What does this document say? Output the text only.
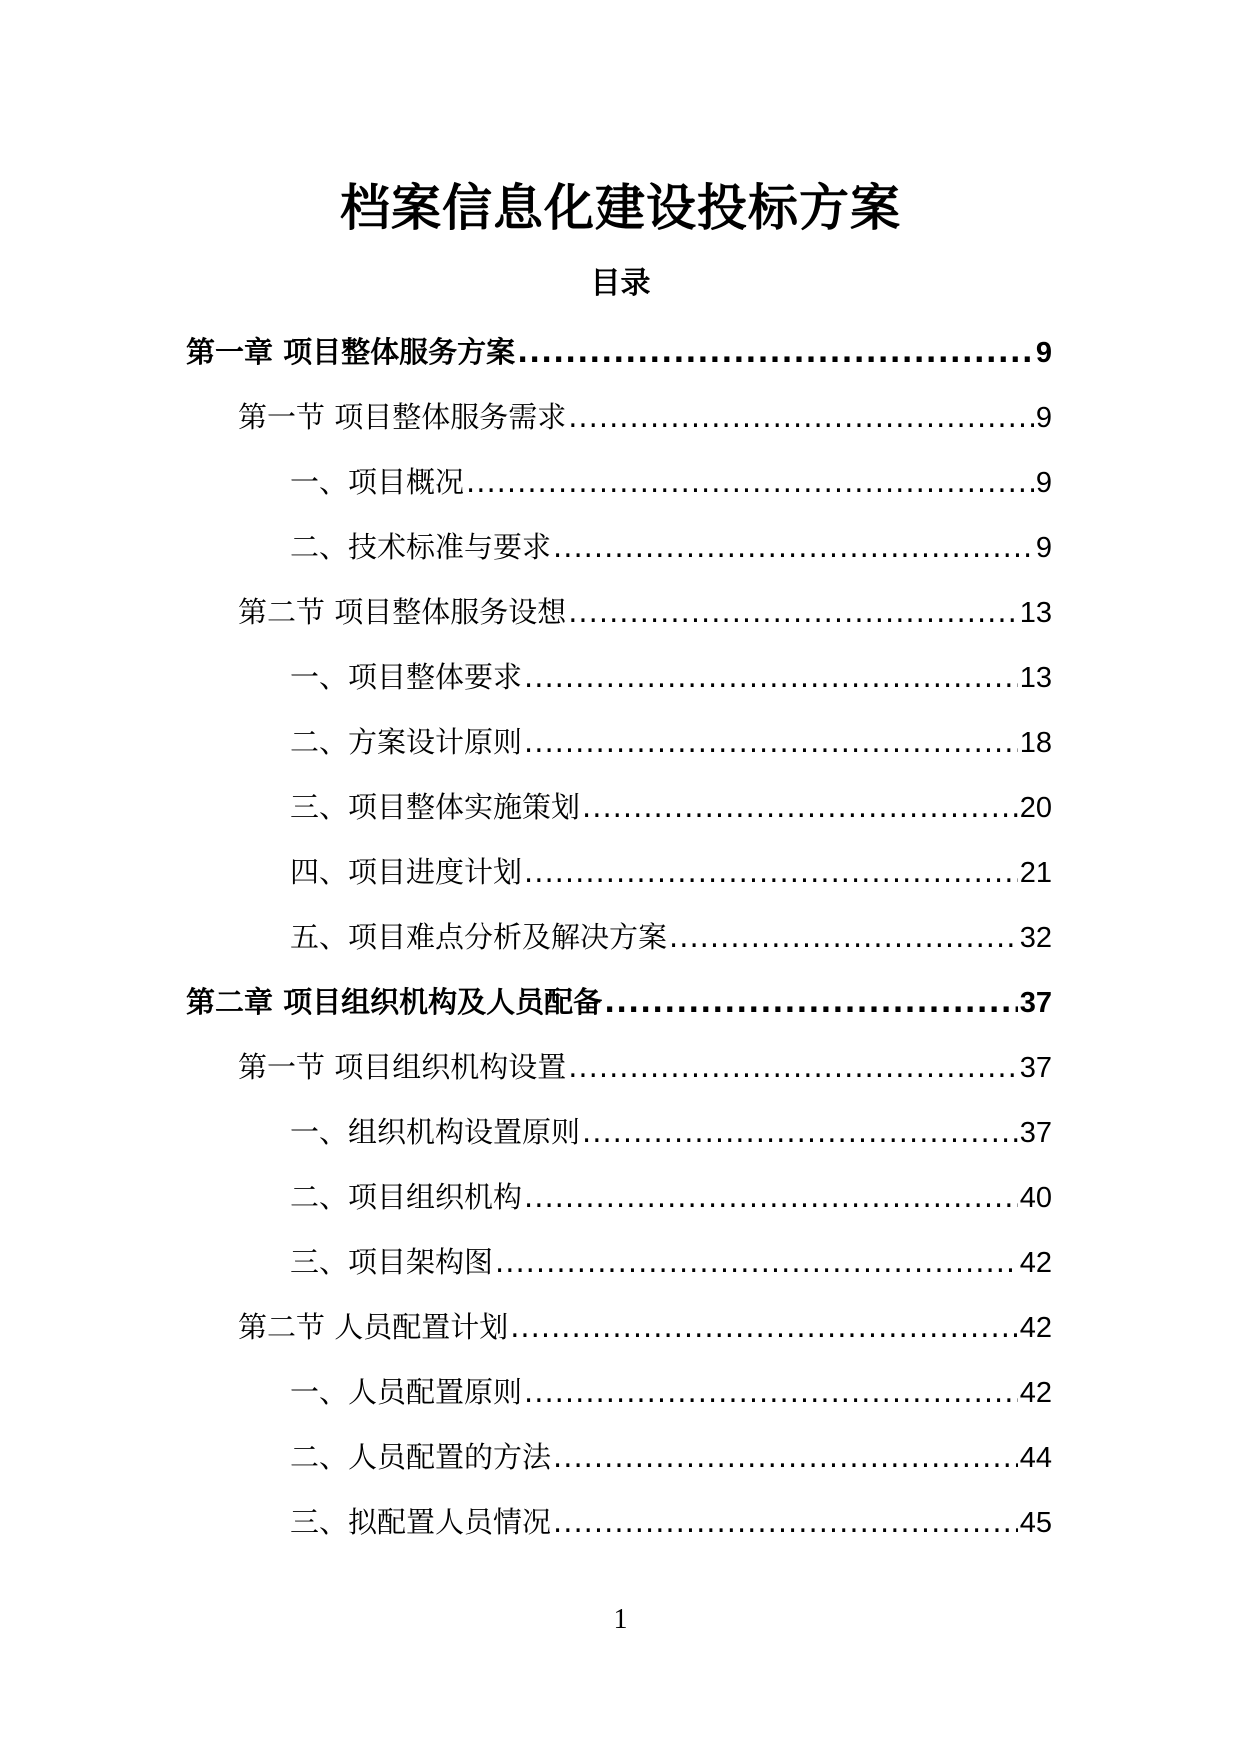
档案信息化建设投标方案
目录
第一章 项目整体服务方案 .....	9
第一节 项目整体服务需求 .....	9
一、项目概况 .....	9
二、技术标准与要求 .....	9
第二节 项目整体服务设想 .....	13
一、项目整体要求 .....	13
二、方案设计原则 .....	18
三、项目整体实施策划 .....	20
四、项目进度计划 .....	21
五、项目难点分析及解决方案 .....	32
第二章 项目组织机构及人员配备 .....	37
第一节 项目组织机构设置 .....	37
一、组织机构设置原则 .....	37
二、项目组织机构 .....	40
三、项目架构图 .....	42
第二节 人员配置计划 .....	42
一、人员配置原则 .....	42
二、人员配置的方法 .....	44
三、拟配置人员情况 .....	45
1
